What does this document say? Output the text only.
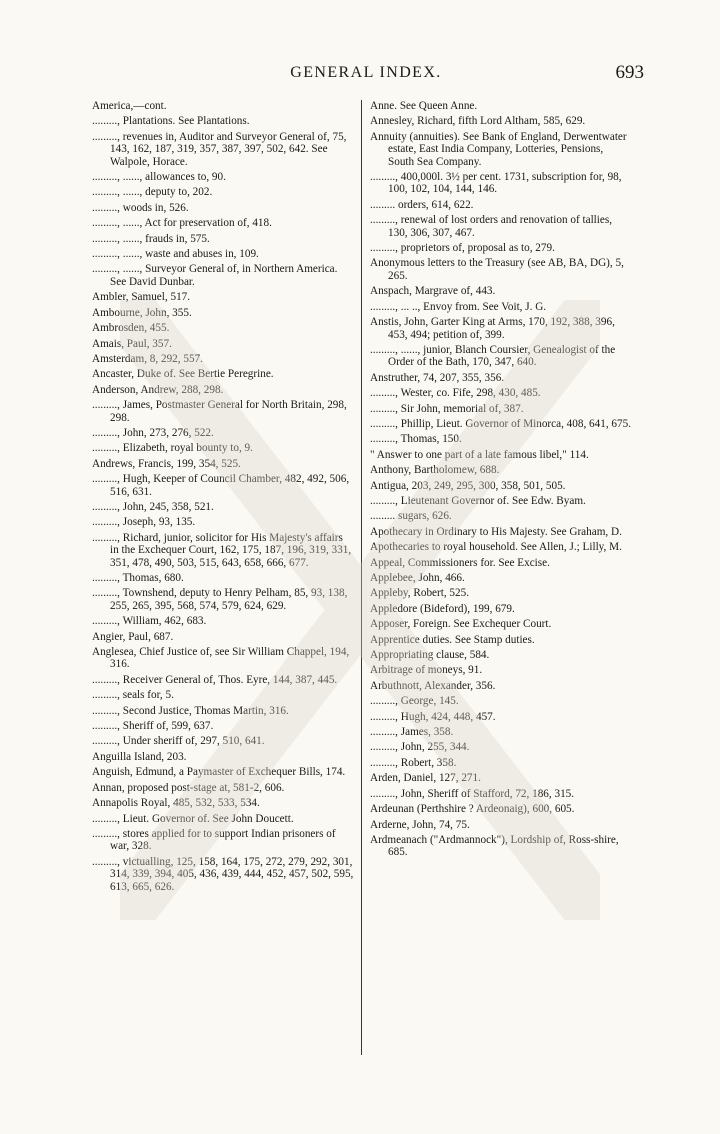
GENERAL INDEX.	693
America,—cont.
........., Plantations. See Plantations.
........., revenues in, Auditor and Surveyor General of, 75, 143, 162, 187, 319, 357, 387, 397, 502, 642. See Walpole, Horace.
........., ......, allowances to, 90.
........., ......, deputy to, 202.
........., woods in, 526.
........., ......, Act for preservation of, 418.
........., ......, frauds in, 575.
........., ......, waste and abuses in, 109.
........., ......, Surveyor General of, in Northern America. See David Dunbar.
Ambler, Samuel, 517.
Ambourne, John, 355.
Ambrosden, 455.
Amais, Paul, 357.
Amsterdam, 8, 292, 557.
Ancaster, Duke of. See Bertie Peregrine.
Anderson, Andrew, 288, 298.
........., James, Postmaster General for North Britain, 298, 298.
........., John, 273, 276, 522.
........., Elizabeth, royal bounty to, 9.
Andrews, Francis, 199, 354, 525.
........., Hugh, Keeper of Council Chamber, 482, 492, 506, 516, 631.
........., John, 245, 358, 521.
........., Joseph, 93, 135.
........., Richard, junior, solicitor for His Majesty's affairs in the Exchequer Court, 162, 175, 187, 196, 319, 331, 351, 478, 490, 503, 515, 643, 658, 666, 677.
........., Thomas, 680.
........., Townshend, deputy to Henry Pelham, 85, 93, 138, 255, 265, 395, 568, 574, 579, 624, 629.
........., William, 462, 683.
Angier, Paul, 687.
Anglesea, Chief Justice of, see Sir William Chappel, 194, 316.
........., Receiver General of, Thos. Eyre, 144, 387, 445.
........., seals for, 5.
........., Second Justice, Thomas Martin, 316.
........., Sheriff of, 599, 637.
........., Under sheriff of, 297, 510, 641.
Anguilla Island, 203.
Anguish, Edmund, a Paymaster of Exchequer Bills, 174.
Annan, proposed post-stage at, 581-2, 606.
Annapolis Royal, 485, 532, 533, 534.
........., Lieut. Governor of. See John Doucett.
........., stores applied for to support Indian prisoners of war, 328.
........., victualling, 125, 158, 164, 175, 272, 279, 292, 301, 314, 339, 394, 405, 436, 439, 444, 452, 457, 502, 595, 613, 665, 626.
Anne. See Queen Anne.
Annesley, Richard, fifth Lord Altham, 585, 629.
Annuity (annuities). See Bank of England, Derwentwater estate, East India Company, Lotteries, Pensions, South Sea Company.
........., 400,000l. 3½ per cent. 1731, subscription for, 98, 100, 102, 104, 144, 146.
......... orders, 614, 622.
........., renewal of lost orders and renovation of tallies, 130, 306, 307, 467.
........., proprietors of, proposal as to, 279.
Anonymous letters to the Treasury (see AB, BA, DG), 5, 265.
Anspach, Margrave of, 443.
........., ... .., Envoy from. See Voit, J. G.
Anstis, John, Garter King at Arms, 170, 192, 388, 396, 453, 494; petition of, 399.
........., ......, junior, Blanch Coursier, Genealogist of the Order of the Bath, 170, 347, 640.
Anstruther, 74, 207, 355, 356.
........., Wester, co. Fife, 298, 430, 485.
........., Sir John, memorial of, 387.
........., Phillip, Lieut. Governor of Minorca, 408, 641, 675.
........., Thomas, 150.
" Answer to one part of a late famous libel," 114.
Anthony, Bartholomew, 688.
Antigua, 203, 249, 295, 300, 358, 501, 505.
........., Lieutenant Governor of. See Edw. Byam.
......... sugars, 626.
Apothecary in Ordinary to His Majesty. See Graham, D.
Apothecaries to royal household. See Allen, J.; Lilly, M.
Appeal, Commissioners for. See Excise.
Applebee, John, 466.
Appleby, Robert, 525.
Appledore (Bideford), 199, 679.
Apposer, Foreign. See Exchequer Court.
Apprentice duties. See Stamp duties.
Appropriating clause, 584.
Arbitrage of moneys, 91.
Arbuthnott, Alexander, 356.
........., George, 145.
........., Hugh, 424, 448, 457.
........., James, 358.
........., John, 255, 344.
........., Robert, 358.
Arden, Daniel, 127, 271.
........., John, Sheriff of Stafford, 72, 186, 315.
Ardeunan (Perthshire ? Ardeonaig), 600, 605.
Arderne, John, 74, 75.
Ardmeanach ("Ardmannock"), Lordship of, Ross-shire, 685.
